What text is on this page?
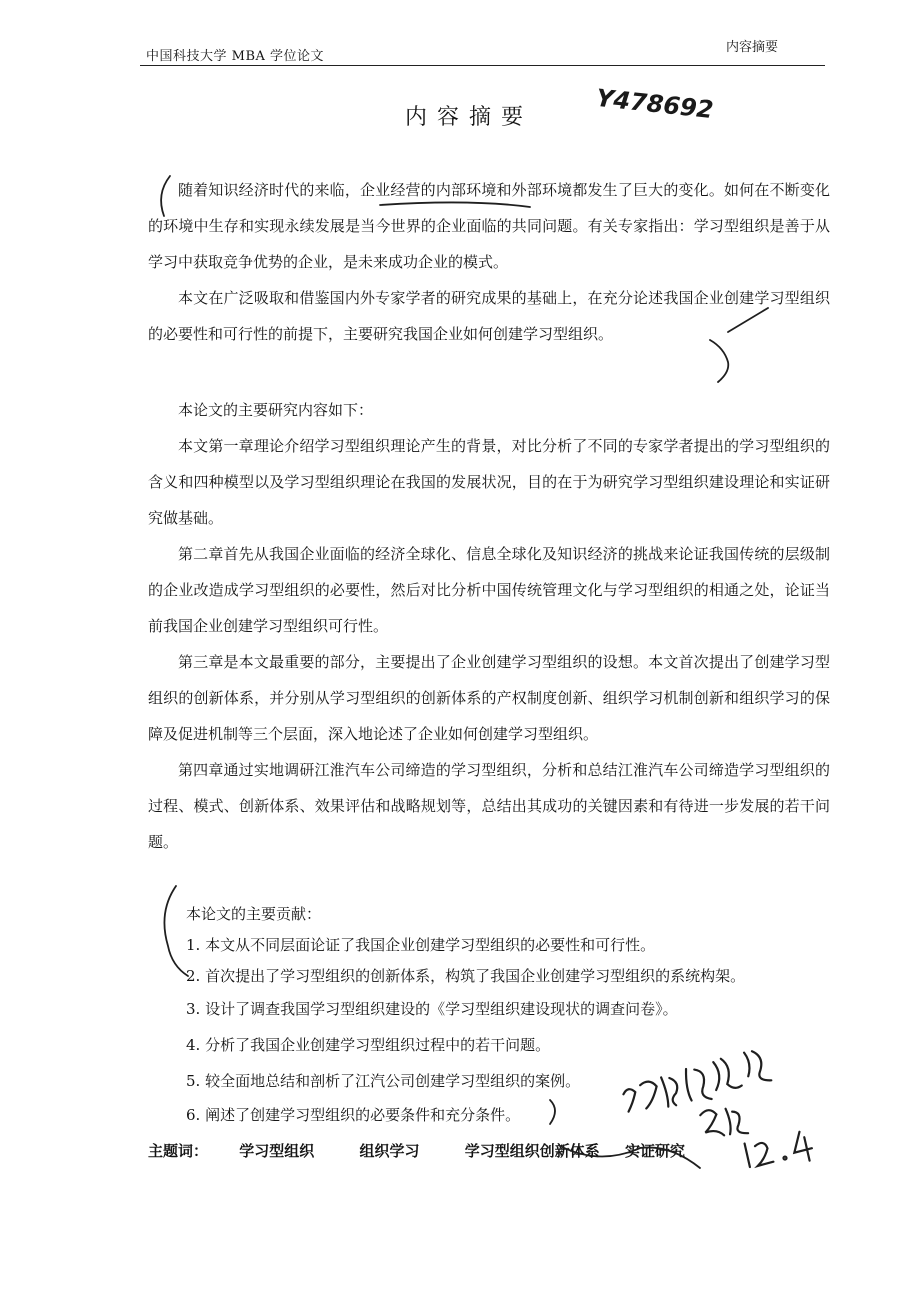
中国科技大学 MBA 学位论文
内容摘要
内容摘要	Y478692

随着知识经济时代的来临，企业经营的内部环境和外部环境都发生了巨大的变化。如何在不断变化的环境中生存和实现永续发展是当今世界的企业面临的共同问题。有关专家指出：学习型组织是善于从学习中获取竞争优势的企业，是未来成功企业的模式。

本文在广泛吸取和借鉴国内外专家学者的研究成果的基础上，在充分论述我国企业创建学习型组织的必要性和可行性的前提下，主要研究我国企业如何创建学习型组织。

本论文的主要研究内容如下：

本文第一章理论介绍学习型组织理论产生的背景，对比分析了不同的专家学者提出的学习型组织的含义和四种模型以及学习型组织理论在我国的发展状况，目的在于为研究学习型组织建设理论和实证研究做基础。

第二章首先从我国企业面临的经济全球化、信息全球化及知识经济的挑战来论证我国传统的层级制的企业改造成学习型组织的必要性，然后对比分析中国传统管理文化与学习型组织的相通之处，论证当前我国企业创建学习型组织可行性。

第三章是本文最重要的部分，主要提出了企业创建学习型组织的设想。本文首次提出了创建学习型组织的创新体系，并分别从学习型组织的创新体系的产权制度创新、组织学习机制创新和组织学习的保障及促进机制等三个层面，深入地论述了企业如何创建学习型组织。

第四章通过实地调研江淮汽车公司缔造的学习型组织，分析和总结江淮汽车公司缔造学习型组织的过程、模式、创新体系、效果评估和战略规划等，总结出其成功的关键因素和有待进一步发展的若干问题。

本论文的主要贡献：
1. 本文从不同层面论证了我国企业创建学习型组织的必要性和可行性。
2. 首次提出了学习型组织的创新体系，构筑了我国企业创建学习型组织的系统构架。
3. 设计了调查我国学习型组织建设的《学习型组织建设现状的调查问卷》。
4. 分析了我国企业创建学习型组织过程中的若干问题。
5. 较全面地总结和剖析了江汽公司创建学习型组织的案例。
6. 阐述了创建学习型组织的必要条件和充分条件。
主题词： 学习型组织	组织学习	学习型组织创新体系 实证研究
